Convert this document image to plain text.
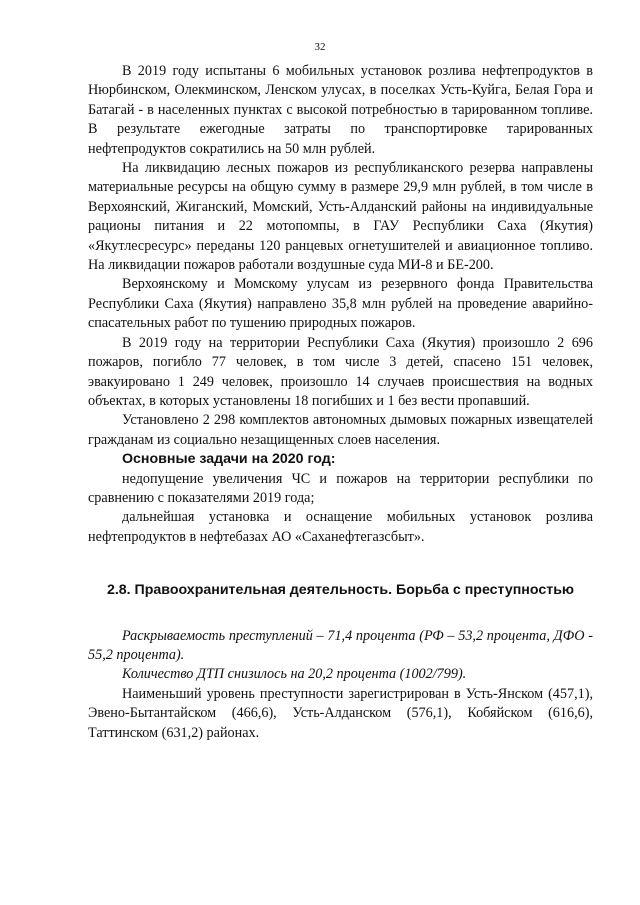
32

В 2019 году испытаны 6 мобильных установок розлива нефтепродуктов в Нюрбинском, Олекминском, Ленском улусах, в поселках Усть-Куйга, Белая Гора и Батагай - в населенных пунктах с высокой потребностью в тарированном топливе. В результате ежегодные затраты по транспортировке тарированных нефтепродуктов сократились на 50 млн рублей.

На ликвидацию лесных пожаров из республиканского резерва направлены материальные ресурсы на общую сумму в размере 29,9 млн рублей, в том числе в Верхоянский, Жиганский, Момский, Усть-Алданский районы на индивидуальные рационы питания и 22 мотопомпы, в ГАУ Республики Саха (Якутия) «Якутлесресурс» переданы 120 ранцевых огнетушителей и авиационное топливо. На ликвидации пожаров работали воздушные суда МИ-8 и БЕ-200.

Верхоянскому и Момскому улусам из резервного фонда Правительства Республики Саха (Якутия) направлено 35,8 млн рублей на проведение аварийно-спасательных работ по тушению природных пожаров.

В 2019 году на территории Республики Саха (Якутия) произошло 2 696 пожаров, погибло 77 человек, в том числе 3 детей, спасено 151 человек, эвакуировано 1 249 человек, произошло 14 случаев происшествия на водных объектах, в которых установлены 18 погибших и 1 без вести пропавший.

Установлено 2 298 комплектов автономных дымовых пожарных извещателей гражданам из социально незащищенных слоев населения.

Основные задачи на 2020 год:

недопущение увеличения ЧС и пожаров на территории республики по сравнению с показателями 2019 года;

дальнейшая установка и оснащение мобильных установок розлива нефтепродуктов в нефтебазах АО «Саханефтегазсбыт».

2.8. Правоохранительная деятельность. Борьба с преступностью

Раскрываемость преступлений – 71,4 процента (РФ – 53,2 процента, ДФО - 55,2 процента).

Количество ДТП снизилось на 20,2 процента (1002/799).

Наименьший уровень преступности зарегистрирован в Усть-Янском (457,1), Эвено-Бытантайском (466,6), Усть-Алданском (576,1), Кобяйском (616,6), Таттинском (631,2) районах.
